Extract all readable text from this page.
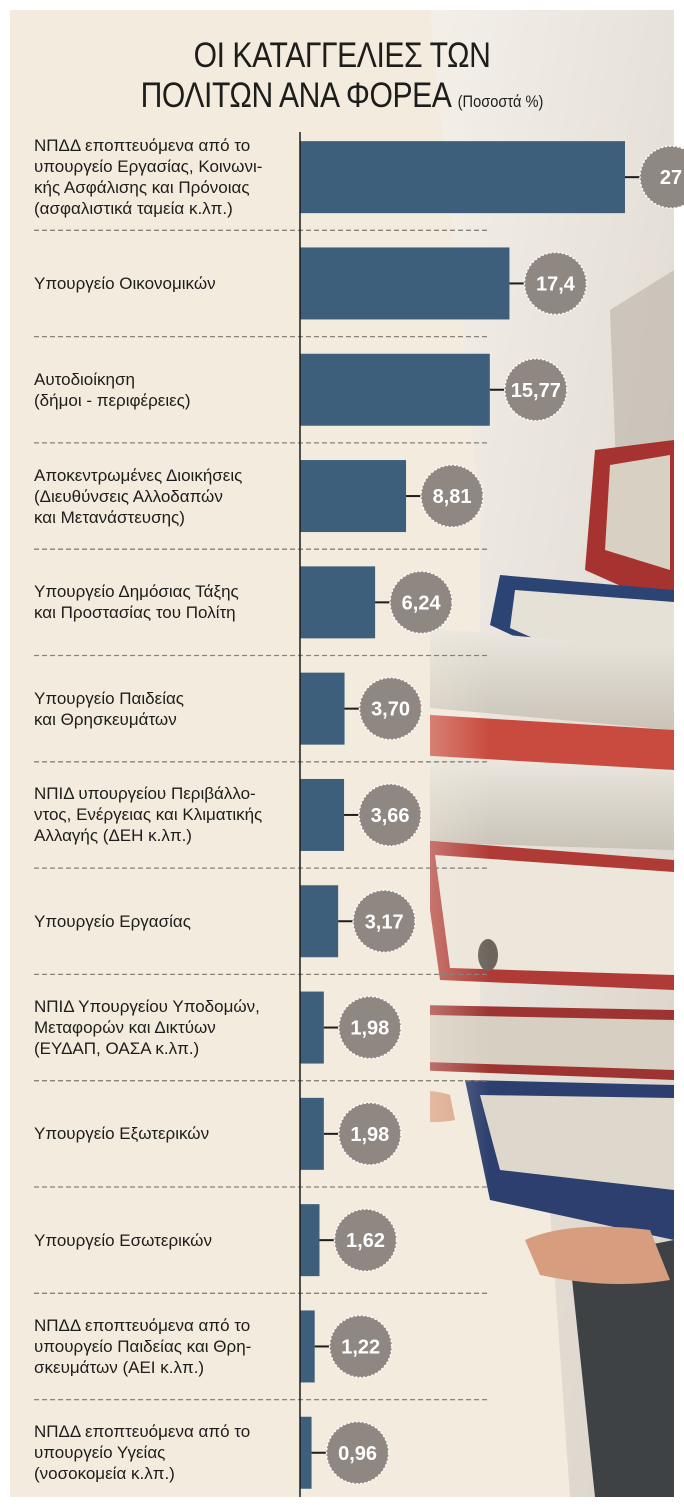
ΟΙ ΚΑΤΑΓΓΕΛΙΕΣ ΤΩΝ
ΠΟΛΙΤΩΝ ΑΝΑ ΦΟΡΕΑ (Ποσοστά %)
27
17,4
15,77
8,81
6,24
3,70
3,66
3,17
1,98
1,98
1,62
1,22
0,96
ΝΠΔΔ εποπτευόμενα από το
υπουργείο Εργασίας, Κοινωνι-
κής Ασφάλισης και Πρόνοιας
(ασφαλιστικά ταμεία κ.λπ.)
Υπουργείο Οικονομικών
Αυτοδιοίκηση
(δήμοι - περιφέρειες)
Αποκεντρωμένες Διοικήσεις
(Διευθύνσεις Αλλοδαπών
και Μετανάστευσης)
Υπουργείο Δημόσιας Τάξης
και Προστασίας του Πολίτη
Υπουργείο Παιδείας
και Θρησκευμάτων
ΝΠΙΔ υπουργείου Περιβάλλο-
ντος, Ενέργειας και Κλιματικής
Αλλαγής (ΔΕΗ κ.λπ.)
Υπουργείο Εργασίας
ΝΠΙΔ Υπουργείου Υποδομών,
Μεταφορών και Δικτύων
(ΕΥΔΑΠ, ΟΑΣΑ κ.λπ.)
Υπουργείο Εξωτερικών
Υπουργείο Εσωτερικών
ΝΠΔΔ εποπτευόμενα από το
υπουργείο Παιδείας και Θρη-
σκευμάτων (ΑΕΙ κ.λπ.)
ΝΠΔΔ εποπτευόμενα από το
υπουργείο Υγείας
(νοσοκομεία κ.λπ.)
